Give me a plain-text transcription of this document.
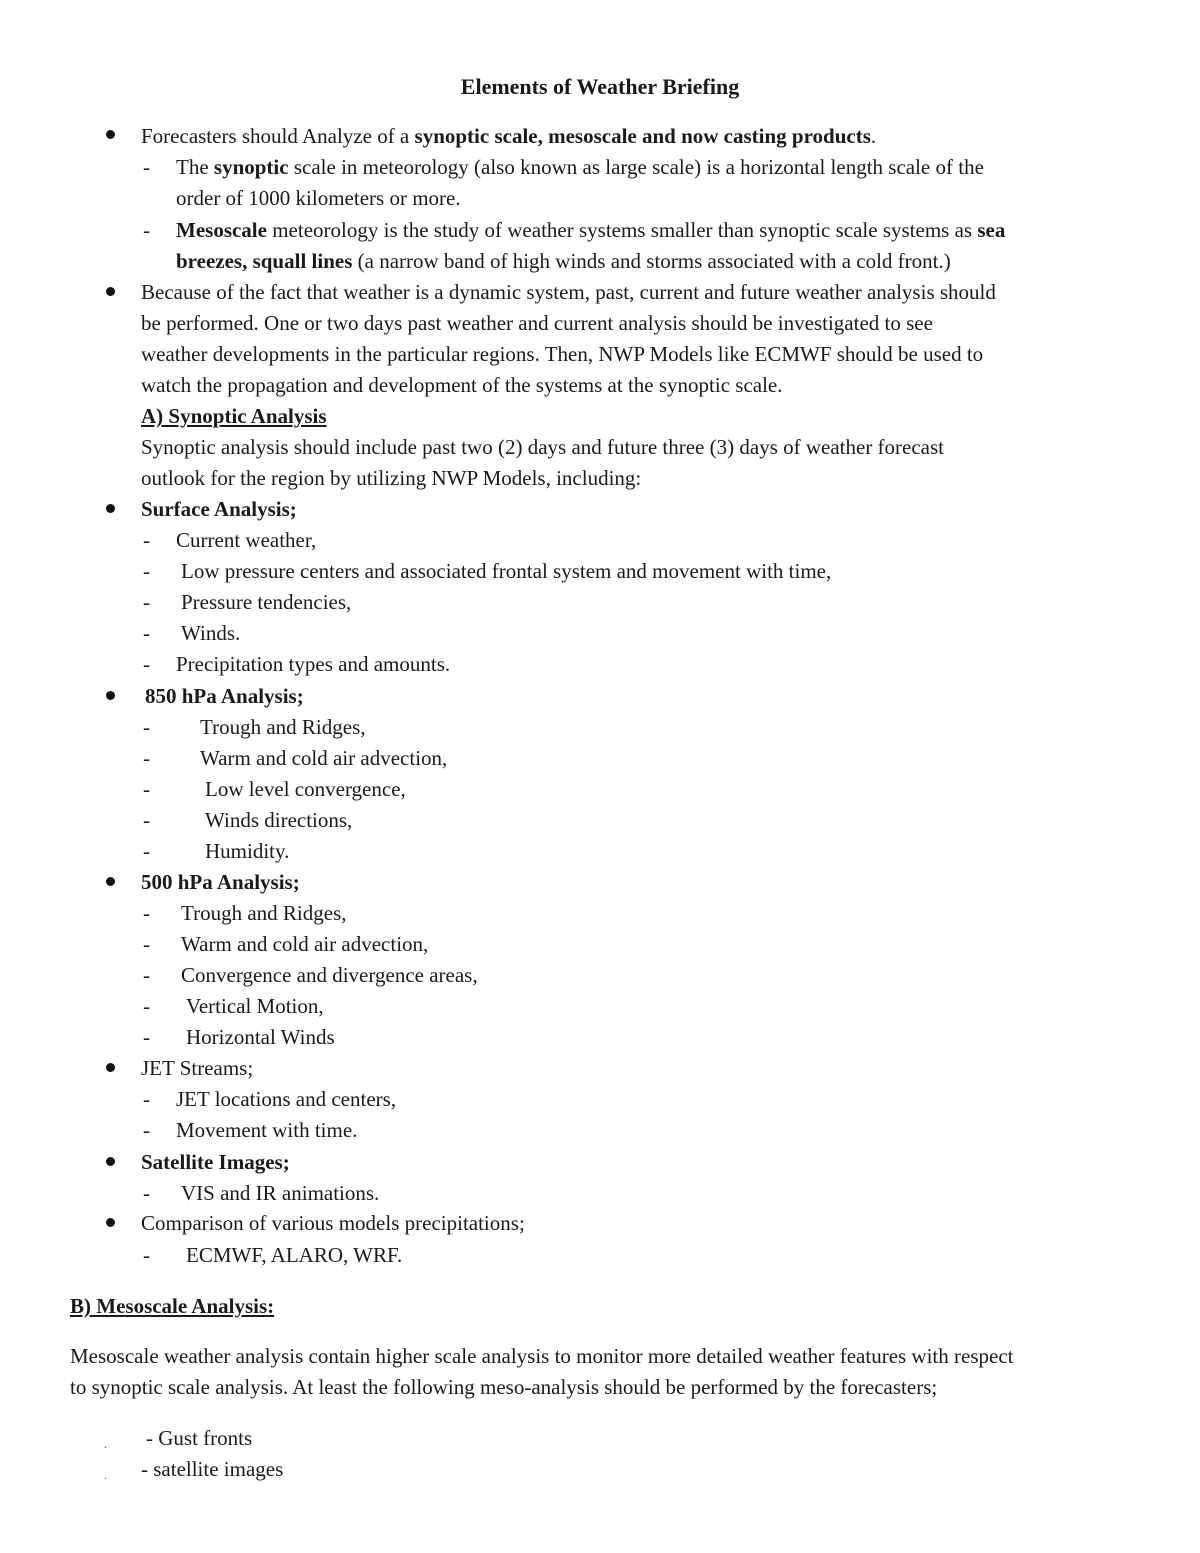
Elements of Weather Briefing
Forecasters should Analyze of a synoptic scale, mesoscale and now casting products.
- The synoptic scale in meteorology (also known as large scale) is a horizontal length scale of the
order of 1000 kilometers or more.
- Mesoscale meteorology is the study of weather systems smaller than synoptic scale systems as sea
breezes, squall lines (a narrow band of high winds and storms associated with a cold front.)
Because of the fact that weather is a dynamic system, past, current and future weather analysis should
be performed. One or two days past weather and current analysis should be investigated to see
weather developments in the particular regions. Then, NWP Models like ECMWF should be used to
watch the propagation and development of the systems at the synoptic scale.
A) Synoptic Analysis
Synoptic analysis should include past two (2) days and future three (3) days of weather forecast
outlook for the region by utilizing NWP Models, including:
Surface Analysis;
- Current weather,
- Low pressure centers and associated frontal system and movement with time,
- Pressure tendencies,
- Winds.
- Precipitation types and amounts.
850 hPa Analysis;
- Trough and Ridges,
- Warm and cold air advection,
-	Low level convergence,
-	Winds directions,
-	Humidity.
500 hPa Analysis;
- Trough and Ridges,
- Warm and cold air advection,
- Convergence and divergence areas,
- Vertical Motion,
- Horizontal Winds
JET Streams;
- JET locations and centers,
- Movement with time.
Satellite Images;
- VIS and IR animations.
Comparison of various models precipitations;
- ECMWF, ALARO, WRF.
B) Mesoscale Analysis:
Mesoscale weather analysis contain higher scale analysis to monitor more detailed weather features with respect
to synoptic scale analysis. At least the following meso-analysis should be performed by the forecasters;
. - Gust fronts
. - satellite images
